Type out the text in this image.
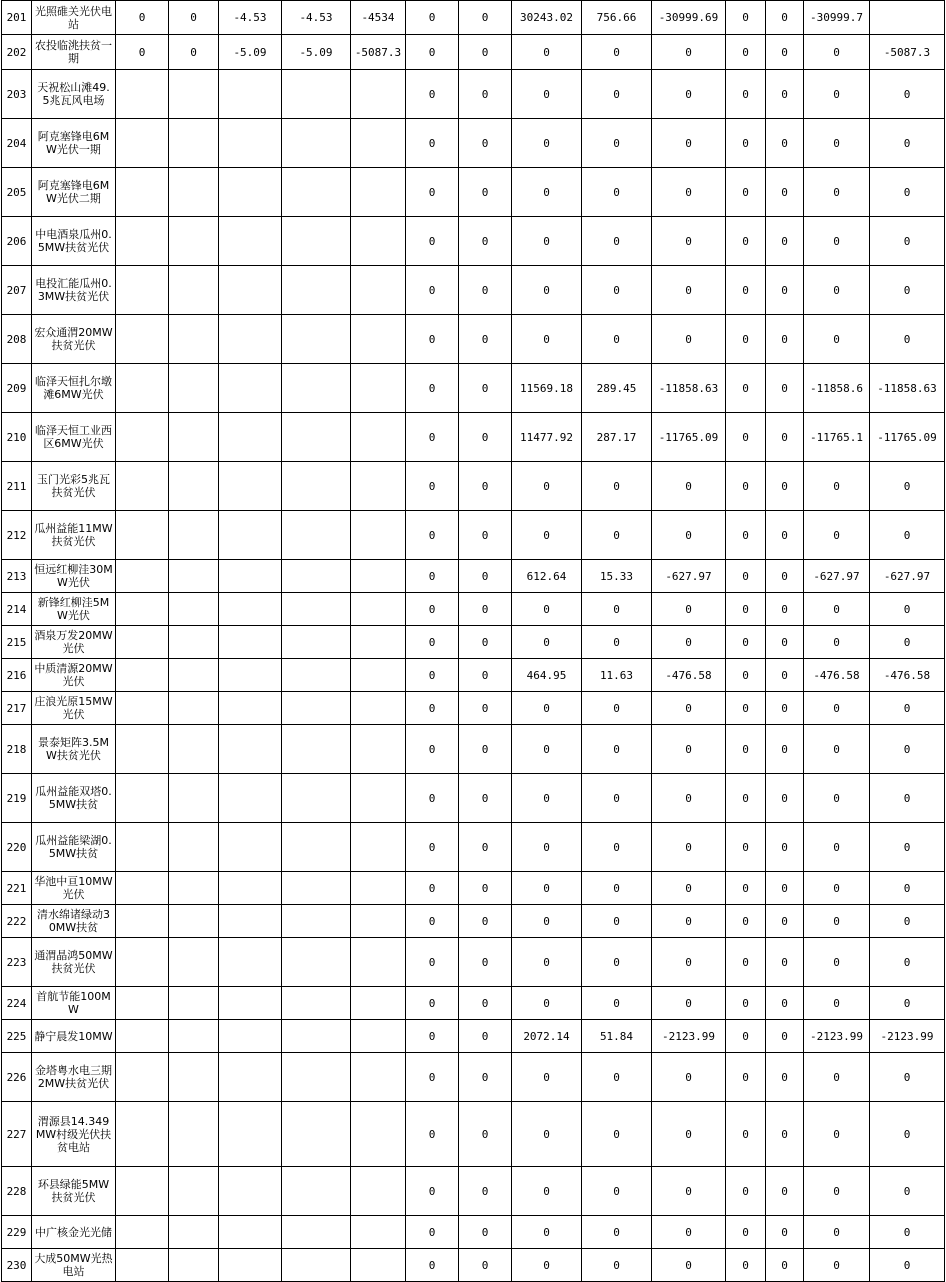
201	光照碓关光伏电站	0	0	-4.53	-4.53	-4534	0	0	30243.02	756.66	-30999.69	0	0	-30999.7	
202	农投临洮扶贫一期	0	0	-5.09	-5.09	-5087.3	0	0	0	0	0	0	0	0	-5087.3
203	天祝松山滩49.5兆瓦风电场						0	0	0	0	0	0	0	0	0
204	阿克塞锋电6MW光伏一期						0	0	0	0	0	0	0	0	0
205	阿克塞锋电6MW光伏二期						0	0	0	0	0	0	0	0	0
206	中电酒泉瓜州0.5MW扶贫光伏						0	0	0	0	0	0	0	0	0
207	电投汇能瓜州0.3MW扶贫光伏						0	0	0	0	0	0	0	0	0
208	宏众通渭20MW扶贫光伏						0	0	0	0	0	0	0	0	0
209	临泽天恒扎尔墩滩6MW光伏						0	0	11569.18	289.45	-11858.63	0	0	-11858.6	-11858.63
210	临泽天恒工业西区6MW光伏						0	0	11477.92	287.17	-11765.09	0	0	-11765.1	-11765.09
211	玉门光彩5兆瓦扶贫光伏						0	0	0	0	0	0	0	0	0
212	瓜州益能11MW扶贫光伏						0	0	0	0	0	0	0	0	0
213	恒远红柳洼30MW光伏						0	0	612.64	15.33	-627.97	0	0	-627.97	-627.97
214	新锋红柳洼5MW光伏						0	0	0	0	0	0	0	0	0
215	酒泉万发20MW光伏						0	0	0	0	0	0	0	0	0
216	中质清源20MW光伏						0	0	464.95	11.63	-476.58	0	0	-476.58	-476.58
217	庄浪光原15MW光伏						0	0	0	0	0	0	0	0	0
218	景泰矩阵3.5MW扶贫光伏						0	0	0	0	0	0	0	0	0
219	瓜州益能双塔0.5MW扶贫						0	0	0	0	0	0	0	0	0
220	瓜州益能梁湖0.5MW扶贫						0	0	0	0	0	0	0	0	0
221	华池中亘10MW光伏						0	0	0	0	0	0	0	0	0
222	清水绵诸绿动30MW扶贫						0	0	0	0	0	0	0	0	0
223	通渭晶鸿50MW扶贫光伏						0	0	0	0	0	0	0	0	0
224	首航节能100MW						0	0	0	0	0	0	0	0	0
225	静宁晨发10MW						0	0	2072.14	51.84	-2123.99	0	0	-2123.99	-2123.99
226	金塔粤水电三期2MW扶贫光伏						0	0	0	0	0	0	0	0	0
227	渭源县14.349MW村级光伏扶贫电站						0	0	0	0	0	0	0	0	0
228	环县绿能5MW扶贫光伏						0	0	0	0	0	0	0	0	0
229	中广核金光光储						0	0	0	0	0	0	0	0	0
230	大成50MW光热电站						0	0	0	0	0	0	0	0	0
